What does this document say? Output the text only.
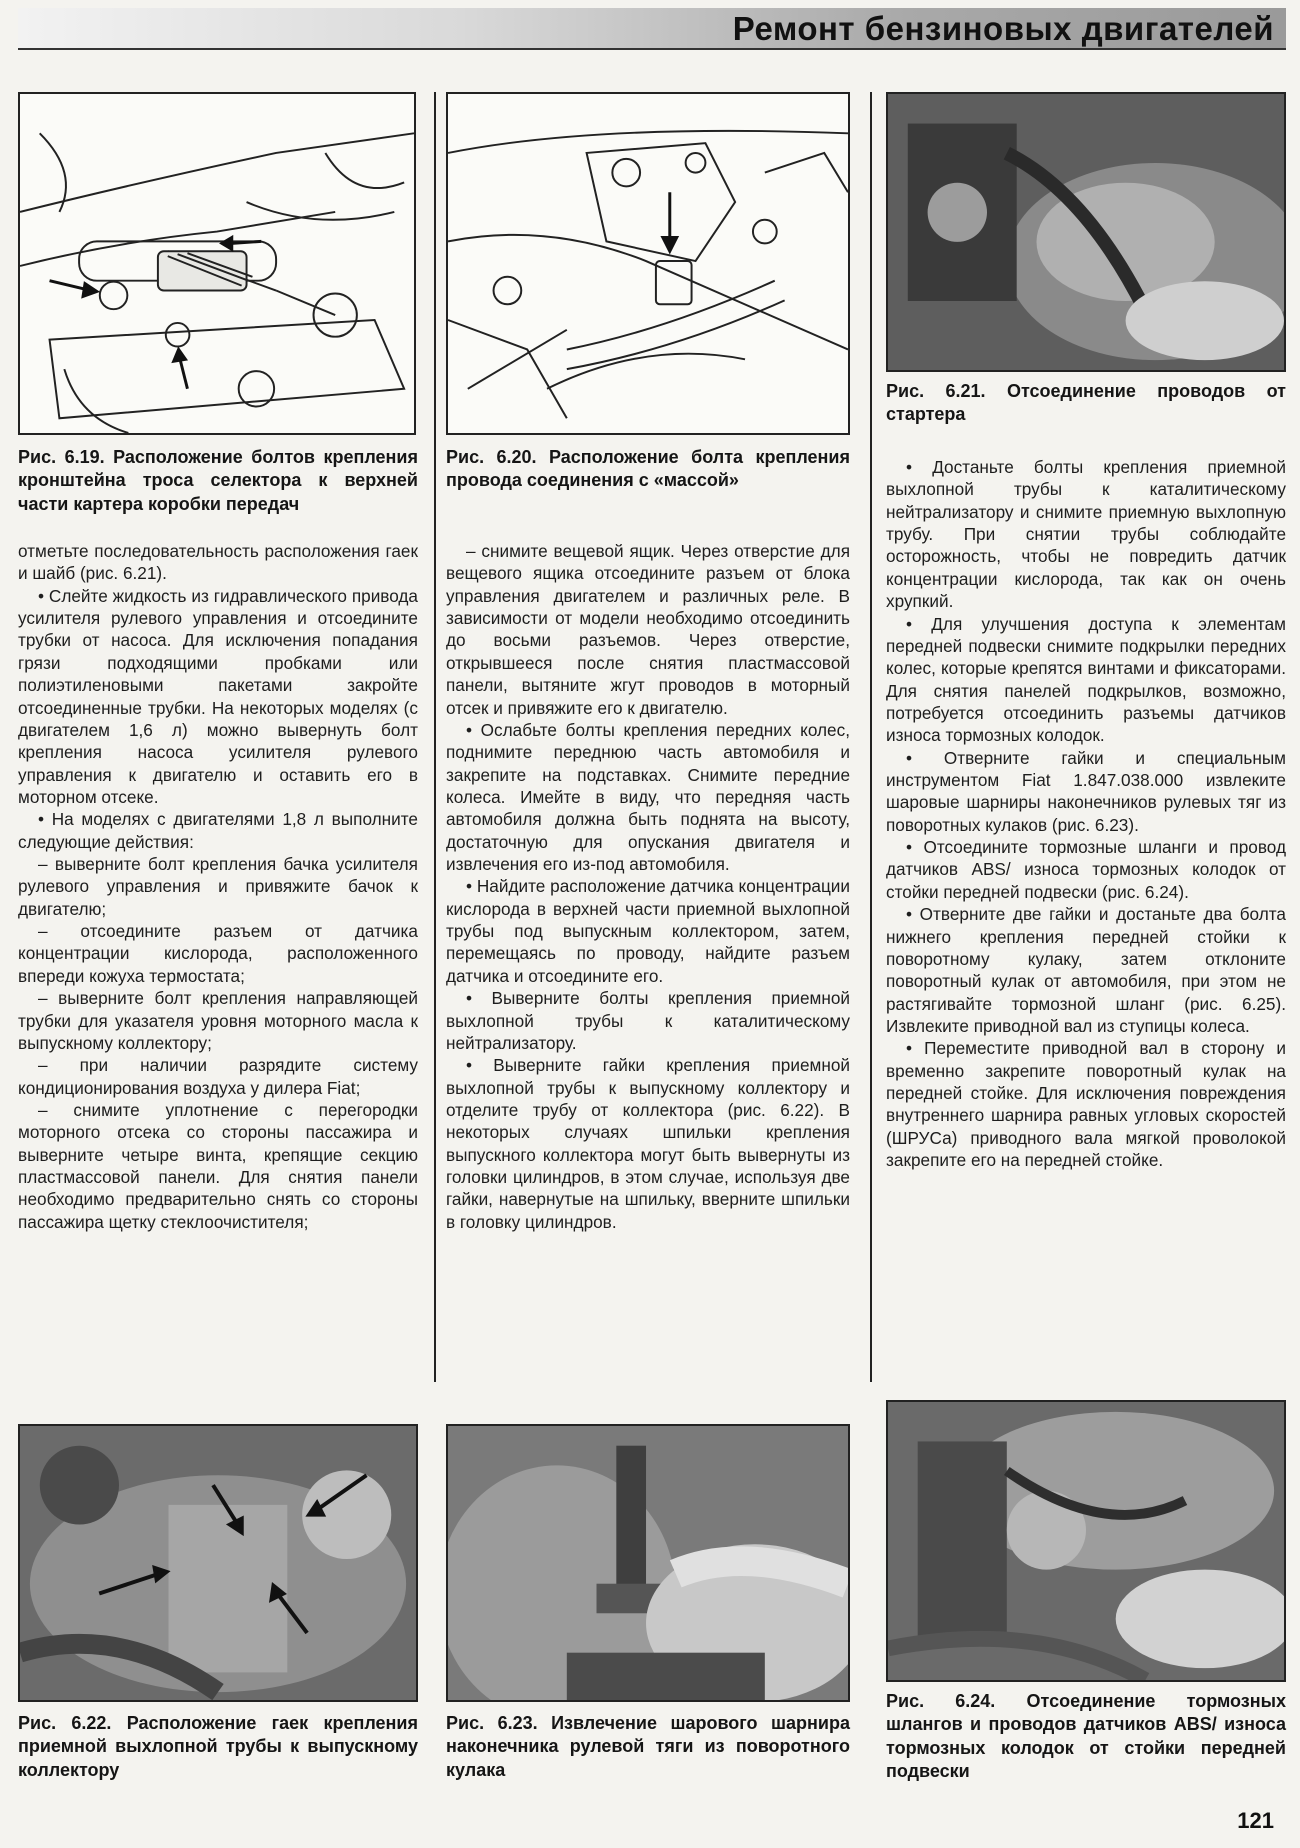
Ремонт бензиновых двигателей
Рис. 6.19. Расположение болтов крепления кронштейна троса селектора к верхней части картера коробки передач
Рис. 6.20. Расположение болта крепления провода соединения с «массой»
Рис. 6.21. Отсоединение проводов от стартера

отметьте последовательность расположения гаек и шайб (рис. 6.21).

• Слейте жидкость из гидравлического привода усилителя рулевого управления и отсоедините трубки от насоса. Для исключения попадания грязи подходящими пробками или полиэтиленовыми пакетами закройте отсоединенные трубки. На некоторых моделях (с двигателем 1,6 л) можно вывернуть болт крепления насоса усилителя рулевого управления к двигателю и оставить его в моторном отсеке.

• На моделях с двигателями 1,8 л выполните следующие действия:

– выверните болт крепления бачка усилителя рулевого управления и привяжите бачок к двигателю;

– отсоедините разъем от датчика концентрации кислорода, расположенного впереди кожуха термостата;

– выверните болт крепления направляющей трубки для указателя уровня моторного масла к выпускному коллектору;

– при наличии разрядите систему кондиционирования воздуха у дилера Fiat;

– снимите уплотнение с перегородки моторного отсека со стороны пассажира и выверните четыре винта, крепящие секцию пластмассовой панели. Для снятия панели необходимо предварительно снять со стороны пассажира щетку стеклоочистителя;

– снимите вещевой ящик. Через отверстие для вещевого ящика отсоедините разъем от блока управления двигателем и различных реле. В зависимости от модели необходимо отсоединить до восьми разъемов. Через отверстие, открывшееся после снятия пластмассовой панели, вытяните жгут проводов в моторный отсек и привяжите его к двигателю.

• Ослабьте болты крепления передних колес, поднимите переднюю часть автомобиля и закрепите на подставках. Снимите передние колеса. Имейте в виду, что передняя часть автомобиля должна быть поднята на высоту, достаточную для опускания двигателя и извлечения его из-под автомобиля.

• Найдите расположение датчика концентрации кислорода в верхней части приемной выхлопной трубы под выпускным коллектором, затем, перемещаясь по проводу, найдите разъем датчика и отсоедините его.

• Выверните болты крепления приемной выхлопной трубы к каталитическому нейтрализатору.

• Выверните гайки крепления приемной выхлопной трубы к выпускному коллектору и отделите трубу от коллектора (рис. 6.22). В некоторых случаях шпильки крепления выпускного коллектора могут быть вывернуты из головки цилиндров, в этом случае, используя две гайки, навернутые на шпильку, вверните шпильки в головку цилиндров.

• Достаньте болты крепления приемной выхлопной трубы к каталитическому нейтрализатору и снимите приемную выхлопную трубу. При снятии трубы соблюдайте осторожность, чтобы не повредить датчик концентрации кислорода, так как он очень хрупкий.

• Для улучшения доступа к элементам передней подвески снимите подкрылки передних колес, которые крепятся винтами и фиксаторами. Для снятия панелей подкрылков, возможно, потребуется отсоединить разъемы датчиков износа тормозных колодок.

• Отверните гайки и специальным инструментом Fiat 1.847.038.000 извлеките шаровые шарниры наконечников рулевых тяг из поворотных кулаков (рис. 6.23).

• Отсоедините тормозные шланги и провод датчиков ABS/ износа тормозных колодок от стойки передней подвески (рис. 6.24).

• Отверните две гайки и достаньте два болта нижнего крепления передней стойки к поворотному кулаку, затем отклоните поворотный кулак от автомобиля, при этом не растягивайте тормозной шланг (рис. 6.25). Извлеките приводной вал из ступицы колеса.

• Переместите приводной вал в сторону и временно закрепите поворотный кулак на передней стойке. Для исключения повреждения внутреннего шарнира равных угловых скоростей (ШРУСа) приводного вала мягкой проволокой закрепите его на передней стойке.

Рис. 6.22. Расположение гаек крепления приемной выхлопной трубы к выпускному коллектору
Рис. 6.23. Извлечение шарового шарнира наконечника рулевой тяги из поворотного кулака
Рис. 6.24. Отсоединение тормозных шлангов и проводов датчиков ABS/ износа тормозных колодок от стойки передней подвески
121
